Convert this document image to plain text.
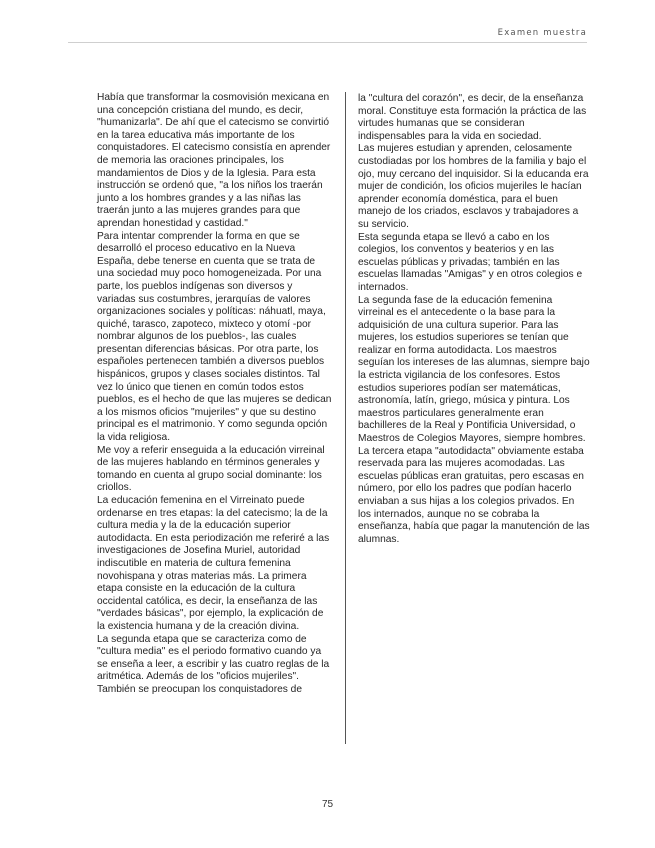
Examen muestra

Había que transformar la cosmovisión mexicana en una concepción cristiana del mundo, es decir, "humanizarla". De ahí que el catecismo se convirtió en la tarea educativa más importante de los conquistadores. El catecismo consistía en aprender de memoria las oraciones principales, los mandamientos de Dios y de la Iglesia. Para esta instrucción se ordenó que, "a los niños los traerán junto a los hombres grandes y a las niñas las traerán junto a las mujeres grandes para que aprendan honestidad y castidad."

Para intentar comprender la forma en que se desarrolló el proceso educativo en la Nueva España, debe tenerse en cuenta que se trata de una sociedad muy poco homogeneizada. Por una parte, los pueblos indígenas son diversos y variadas sus costumbres, jerarquías de valores organizaciones sociales y políticas: náhuatl, maya, quiché, tarasco, zapoteco, mixteco y otomí -por nombrar algunos de los pueblos-, las cuales presentan diferencias básicas. Por otra parte, los españoles pertenecen también a diversos pueblos hispánicos, grupos y clases sociales distintos. Tal vez lo único que tienen en común todos estos pueblos, es el hecho de que las mujeres se dedican a los mismos oficios "mujeriles" y que su destino principal es el matrimonio. Y como segunda opción la vida religiosa.

Me voy a referir enseguida a la educación virreinal de las mujeres hablando en términos generales y tomando en cuenta al grupo social dominante: los criollos.

La educación femenina en el Virreinato puede ordenarse en tres etapas: la del catecismo; la de la cultura media y la de la educación superior autodidacta. En esta periodización me referiré a las investigaciones de Josefina Muriel, autoridad indiscutible en materia de cultura femenina novohispana y otras materias más. La primera etapa consiste en la educación de la cultura occidental católica, es decir, la enseñanza de las "verdades básicas", por ejemplo, la explicación de la existencia humana y de la creación divina.

La segunda etapa que se caracteriza como de "cultura media" es el periodo formativo cuando ya se enseña a leer, a escribir y las cuatro reglas de la aritmética. Además de los "oficios mujeriles".

También se preocupan los conquistadores de

la "cultura del corazón", es decir, de la enseñanza moral. Constituye esta formación la práctica de las virtudes humanas que se consideran indispensables para la vida en sociedad.

Las mujeres estudian y aprenden, celosamente custodiadas por los hombres de la familia y bajo el ojo, muy cercano del inquisidor. Si la educanda era mujer de condición, los oficios mujeriles le hacían aprender economía doméstica, para el buen manejo de los criados, esclavos y trabajadores a su servicio.

Esta segunda etapa se llevó a cabo en los colegios, los conventos y beaterios y en las escuelas públicas y privadas; también en las escuelas llamadas "Amigas" y en otros colegios e internados.

La segunda fase de la educación femenina virreinal es el antecedente o la base para la adquisición de una cultura superior. Para las mujeres, los estudios superiores se tenían que realizar en forma autodidacta. Los maestros seguían los intereses de las alumnas, siempre bajo la estricta vigilancia de los confesores. Estos estudios superiores podían ser matemáticas, astronomía, latín, griego, música y pintura. Los maestros particulares generalmente eran bachilleres de la Real y Pontificia Universidad, o Maestros de Colegios Mayores, siempre hombres.

La tercera etapa "autodidacta" obviamente estaba reservada para las mujeres acomodadas. Las escuelas públicas eran gratuitas, pero escasas en número, por ello los padres que podían hacerlo enviaban a sus hijas a los colegios privados. En los internados, aunque no se cobraba la enseñanza, había que pagar la manutención de las alumnas.

75
